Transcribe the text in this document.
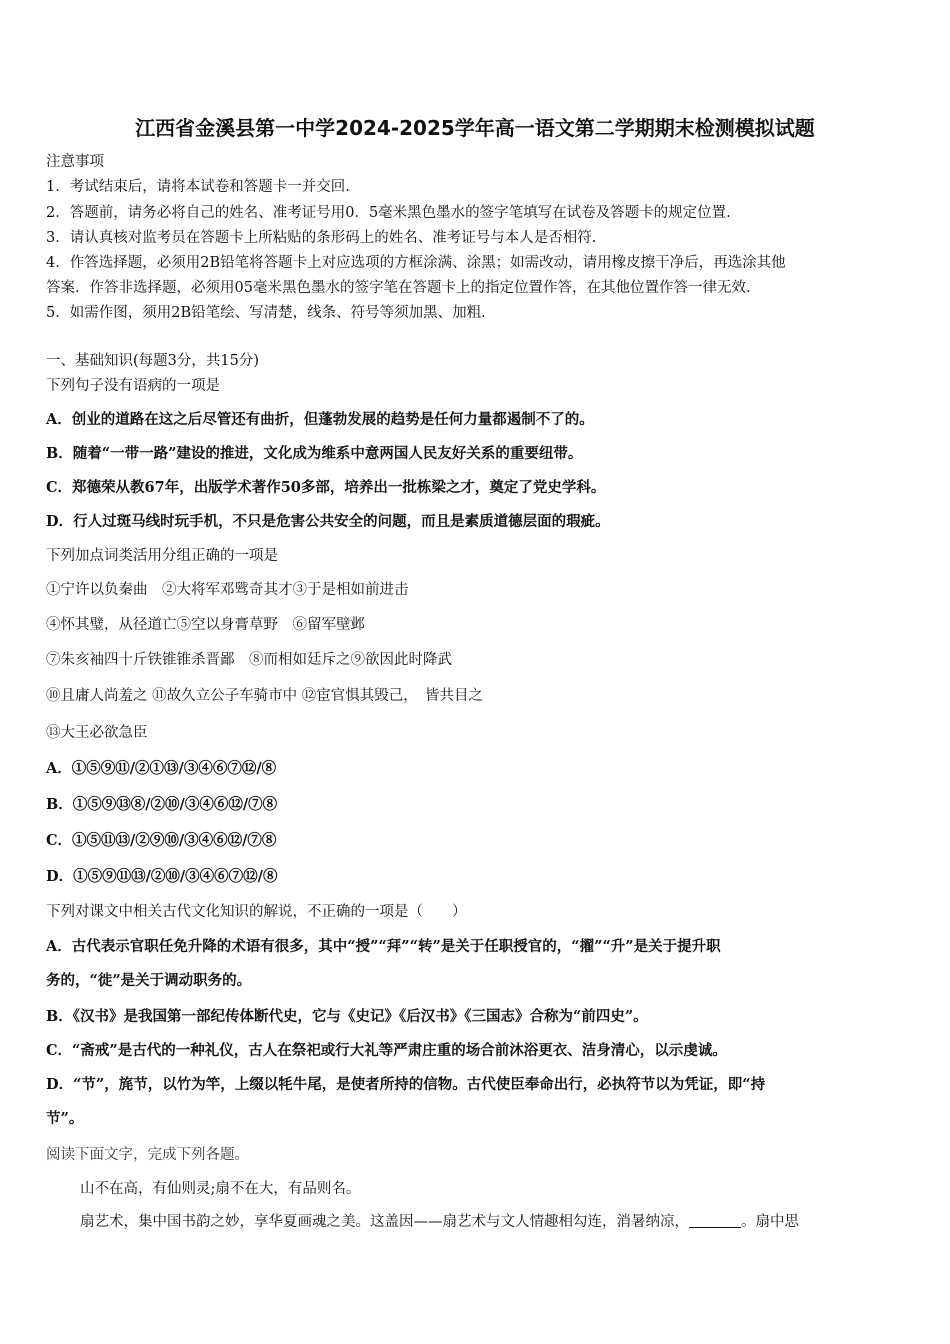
江西省金溪县第一中学2024-2025学年高一语文第二学期期末检测模拟试题
注意事项
1．考试结束后，请将本试卷和答题卡一并交回.
2．答题前，请务必将自己的姓名、准考证号用0．5毫米黑色墨水的签字笔填写在试卷及答题卡的规定位置.
3．请认真核对监考员在答题卡上所粘贴的条形码上的姓名、准考证号与本人是否相符.
4．作答选择题，必须用2B铅笔将答题卡上对应选项的方框涂满、涂黑；如需改动，请用橡皮擦干净后，再选涂其他
答案．作答非选择题，必须用05毫米黑色墨水的签字笔在答题卡上的指定位置作答，在其他位置作答一律无效.
5．如需作图，须用2B铅笔绘、写清楚，线条、符号等须加黑、加粗.
一、基础知识(每题3分，共15分)
下列句子没有语病的一项是
A．创业的道路在这之后尽管还有曲折，但蓬勃发展的趋势是任何力量都遏制不了的。
B．随着“一带一路”建设的推进，文化成为维系中意两国人民友好关系的重要纽带。
C．郑德荣从教67年，出版学术著作50多部，培养出一批栋梁之才，奠定了党史学科。
D．行人过斑马线时玩手机，不只是危害公共安全的问题，而且是素质道德层面的瑕疵。
下列加点词类活用分组正确的一项是
①宁许以负秦曲　②大将军邓骘奇其才③于是相如前进击
④怀其璧，从径道亡⑤空以身膏草野　⑥留军壁邺
⑦朱亥袖四十斤铁锥锥杀晋鄙　⑧而相如廷斥之⑨欲因此时降武
⑩且庸人尚羞之 ⑪故久立公子车骑市中 ⑫宦官惧其毁己，　皆共目之
⑬大王必欲急臣
A．①⑤⑨⑪/②①⑬/③④⑥⑦⑫/⑧
B．①⑤⑨⑬⑧/②⑩/③④⑥⑫/⑦⑧
C．①⑤⑪⑬/②⑨⑩/③④⑥⑫/⑦⑧
D．①⑤⑨⑪⑬/②⑩/③④⑥⑦⑫/⑧
下列对课文中相关古代文化知识的解说，不正确的一项是（　　）
A．古代表示官职任免升降的术语有很多，其中“授”“拜”“转”是关于任职授官的，“擢”“升”是关于提升职
务的，“徙”是关于调动职务的。
B．《汉书》是我国第一部纪传体断代史，它与《史记》《后汉书》《三国志》合称为“前四史”。
C．“斋戒”是古代的一种礼仪，古人在祭祀或行大礼等严肃庄重的场合前沐浴更衣、洁身清心，以示虔诚。
D．“节”，旄节，以竹为竿，上缀以牦牛尾，是使者所持的信物。古代使臣奉命出行，必执符节以为凭证，即“持
节”。
阅读下面文字，完成下列各题。
山不在高，有仙则灵;扇不在大，有品则名。
扇艺术，集中国书韵之妙，享华夏画魂之美。这盖因——扇艺术与文人情趣相勾连，消暑纳凉，	。扇中思
